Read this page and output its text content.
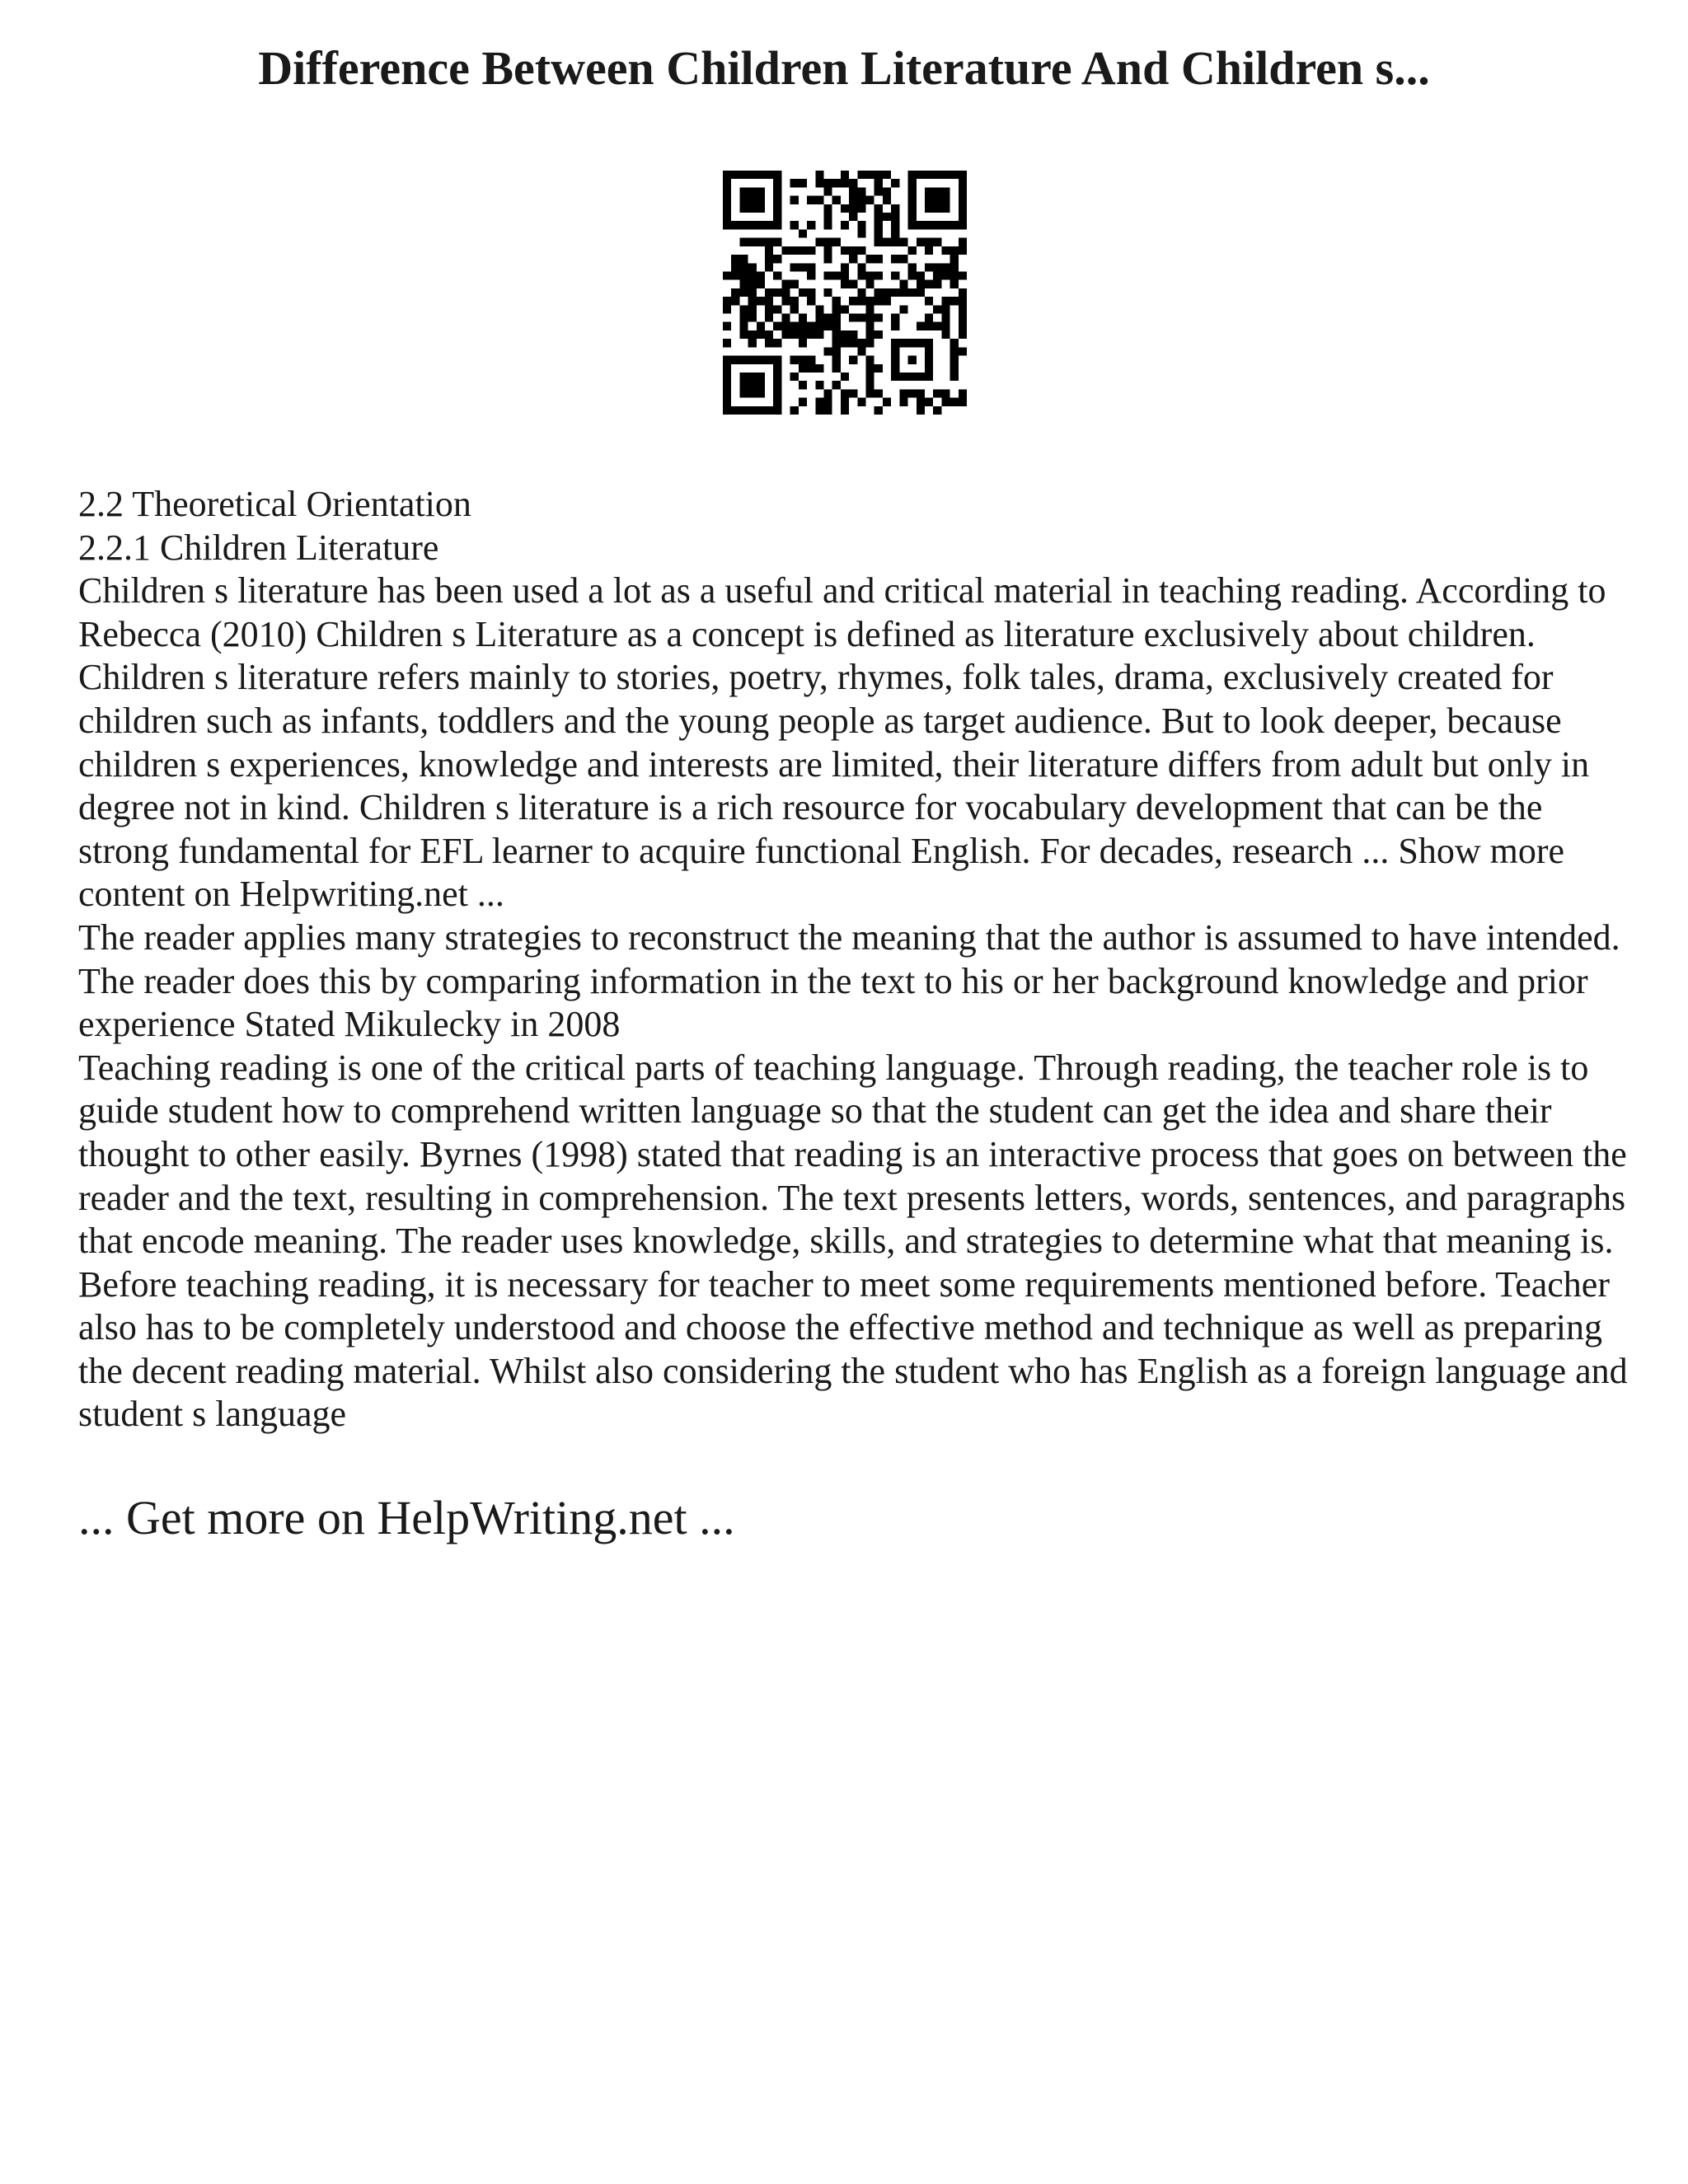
Difference Between Children Literature And Children s...

2.2 Theoretical Orientation

2.2.1 Children Literature

Children s literature has been used a lot as a useful and critical material in teaching reading. According to Rebecca (2010) Children s Literature as a concept is defined as literature exclusively about children. Children s literature refers mainly to stories, poetry, rhymes, folk tales, drama, exclusively created for children such as infants, toddlers and the young people as target audience. But to look deeper, because children s experiences, knowledge and interests are limited, their literature differs from adult but only in degree not in kind. Children s literature is a rich resource for vocabulary development that can be the strong fundamental for EFL learner to acquire functional English. For decades, research ... Show more content on Helpwriting.net ...

The reader applies many strategies to reconstruct the meaning that the author is assumed to have intended. The reader does this by comparing information in the text to his or her background knowledge and prior experience Stated Mikulecky in 2008

Teaching reading is one of the critical parts of teaching language. Through reading, the teacher role is to guide student how to comprehend written language so that the student can get the idea and share their thought to other easily. Byrnes (1998) stated that reading is an interactive process that goes on between the reader and the text, resulting in comprehension. The text presents letters, words, sentences, and paragraphs that encode meaning. The reader uses knowledge, skills, and strategies to determine what that meaning is. Before teaching reading, it is necessary for teacher to meet some requirements mentioned before. Teacher also has to be completely understood and choose the effective method and technique as well as preparing the decent reading material. Whilst also considering the student who has English as a foreign language and student s language

... Get more on HelpWriting.net ...
